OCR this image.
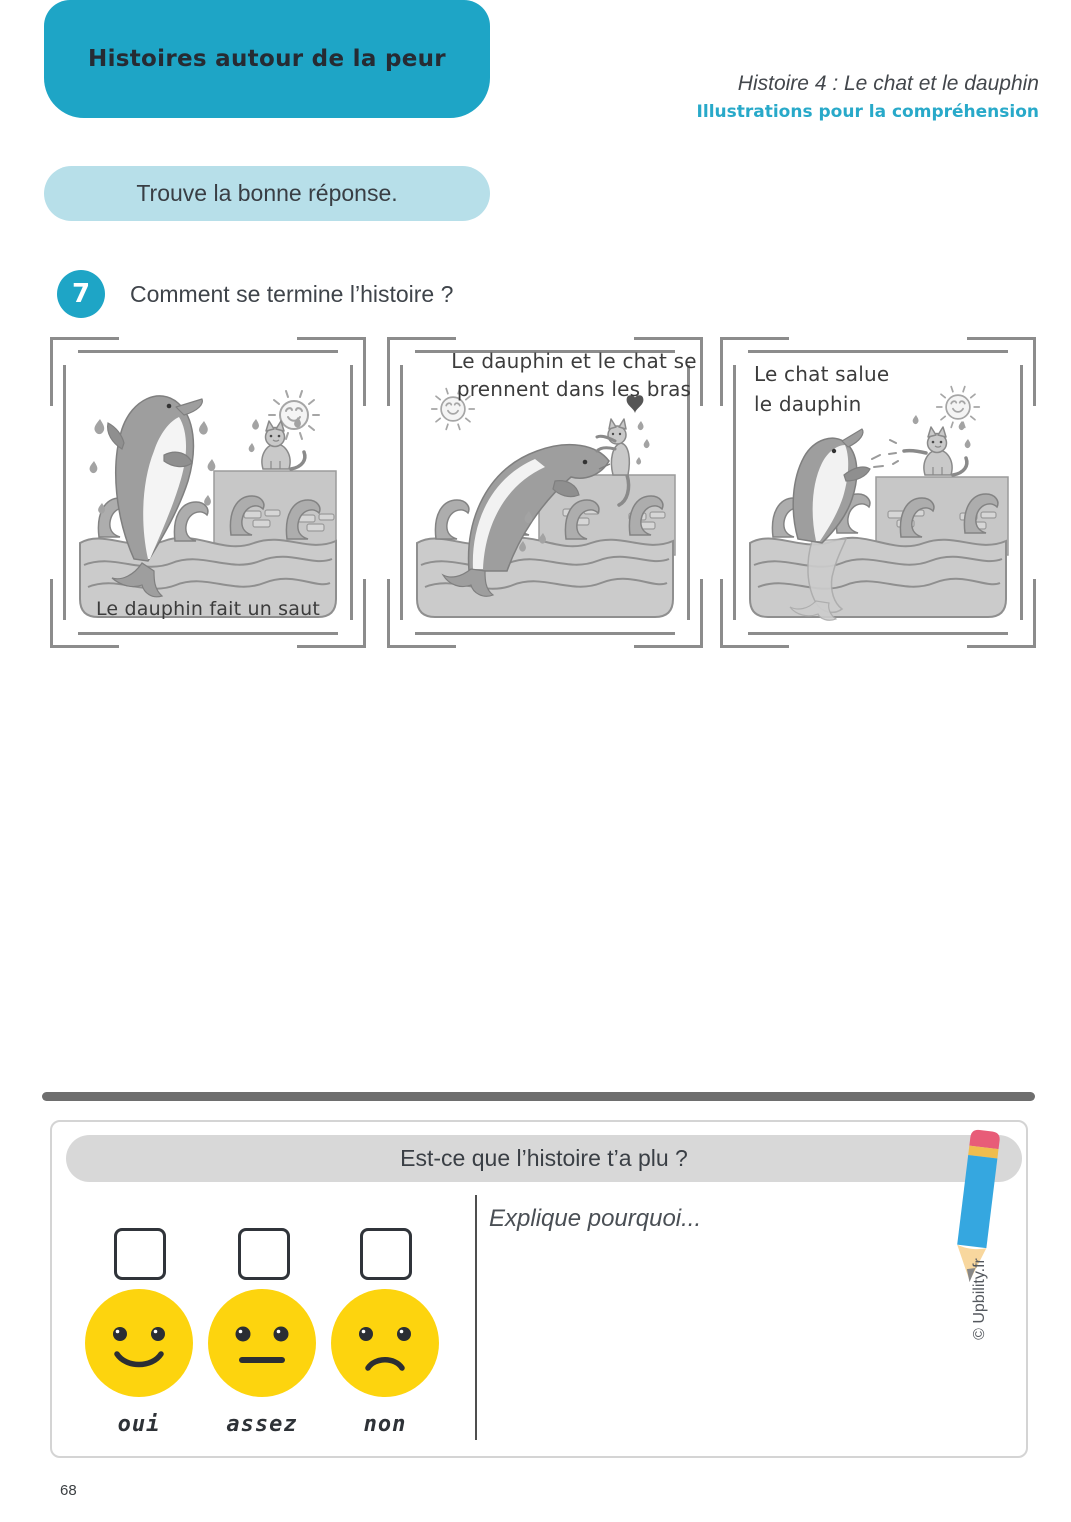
Histoires autour de la peur
Histoire 4 : Le chat et le dauphin
Illustrations pour la compréhension
Trouve la bonne réponse.
7 Comment se termine l’histoire ?
Le dauphin fait un saut
Le dauphin et le chat se
prennent dans les bras
Le chat salue
le dauphin
Est-ce que l’histoire t’a plu ?
Explique pourquoi...
oui	assez	non
© Upbility.fr
68
